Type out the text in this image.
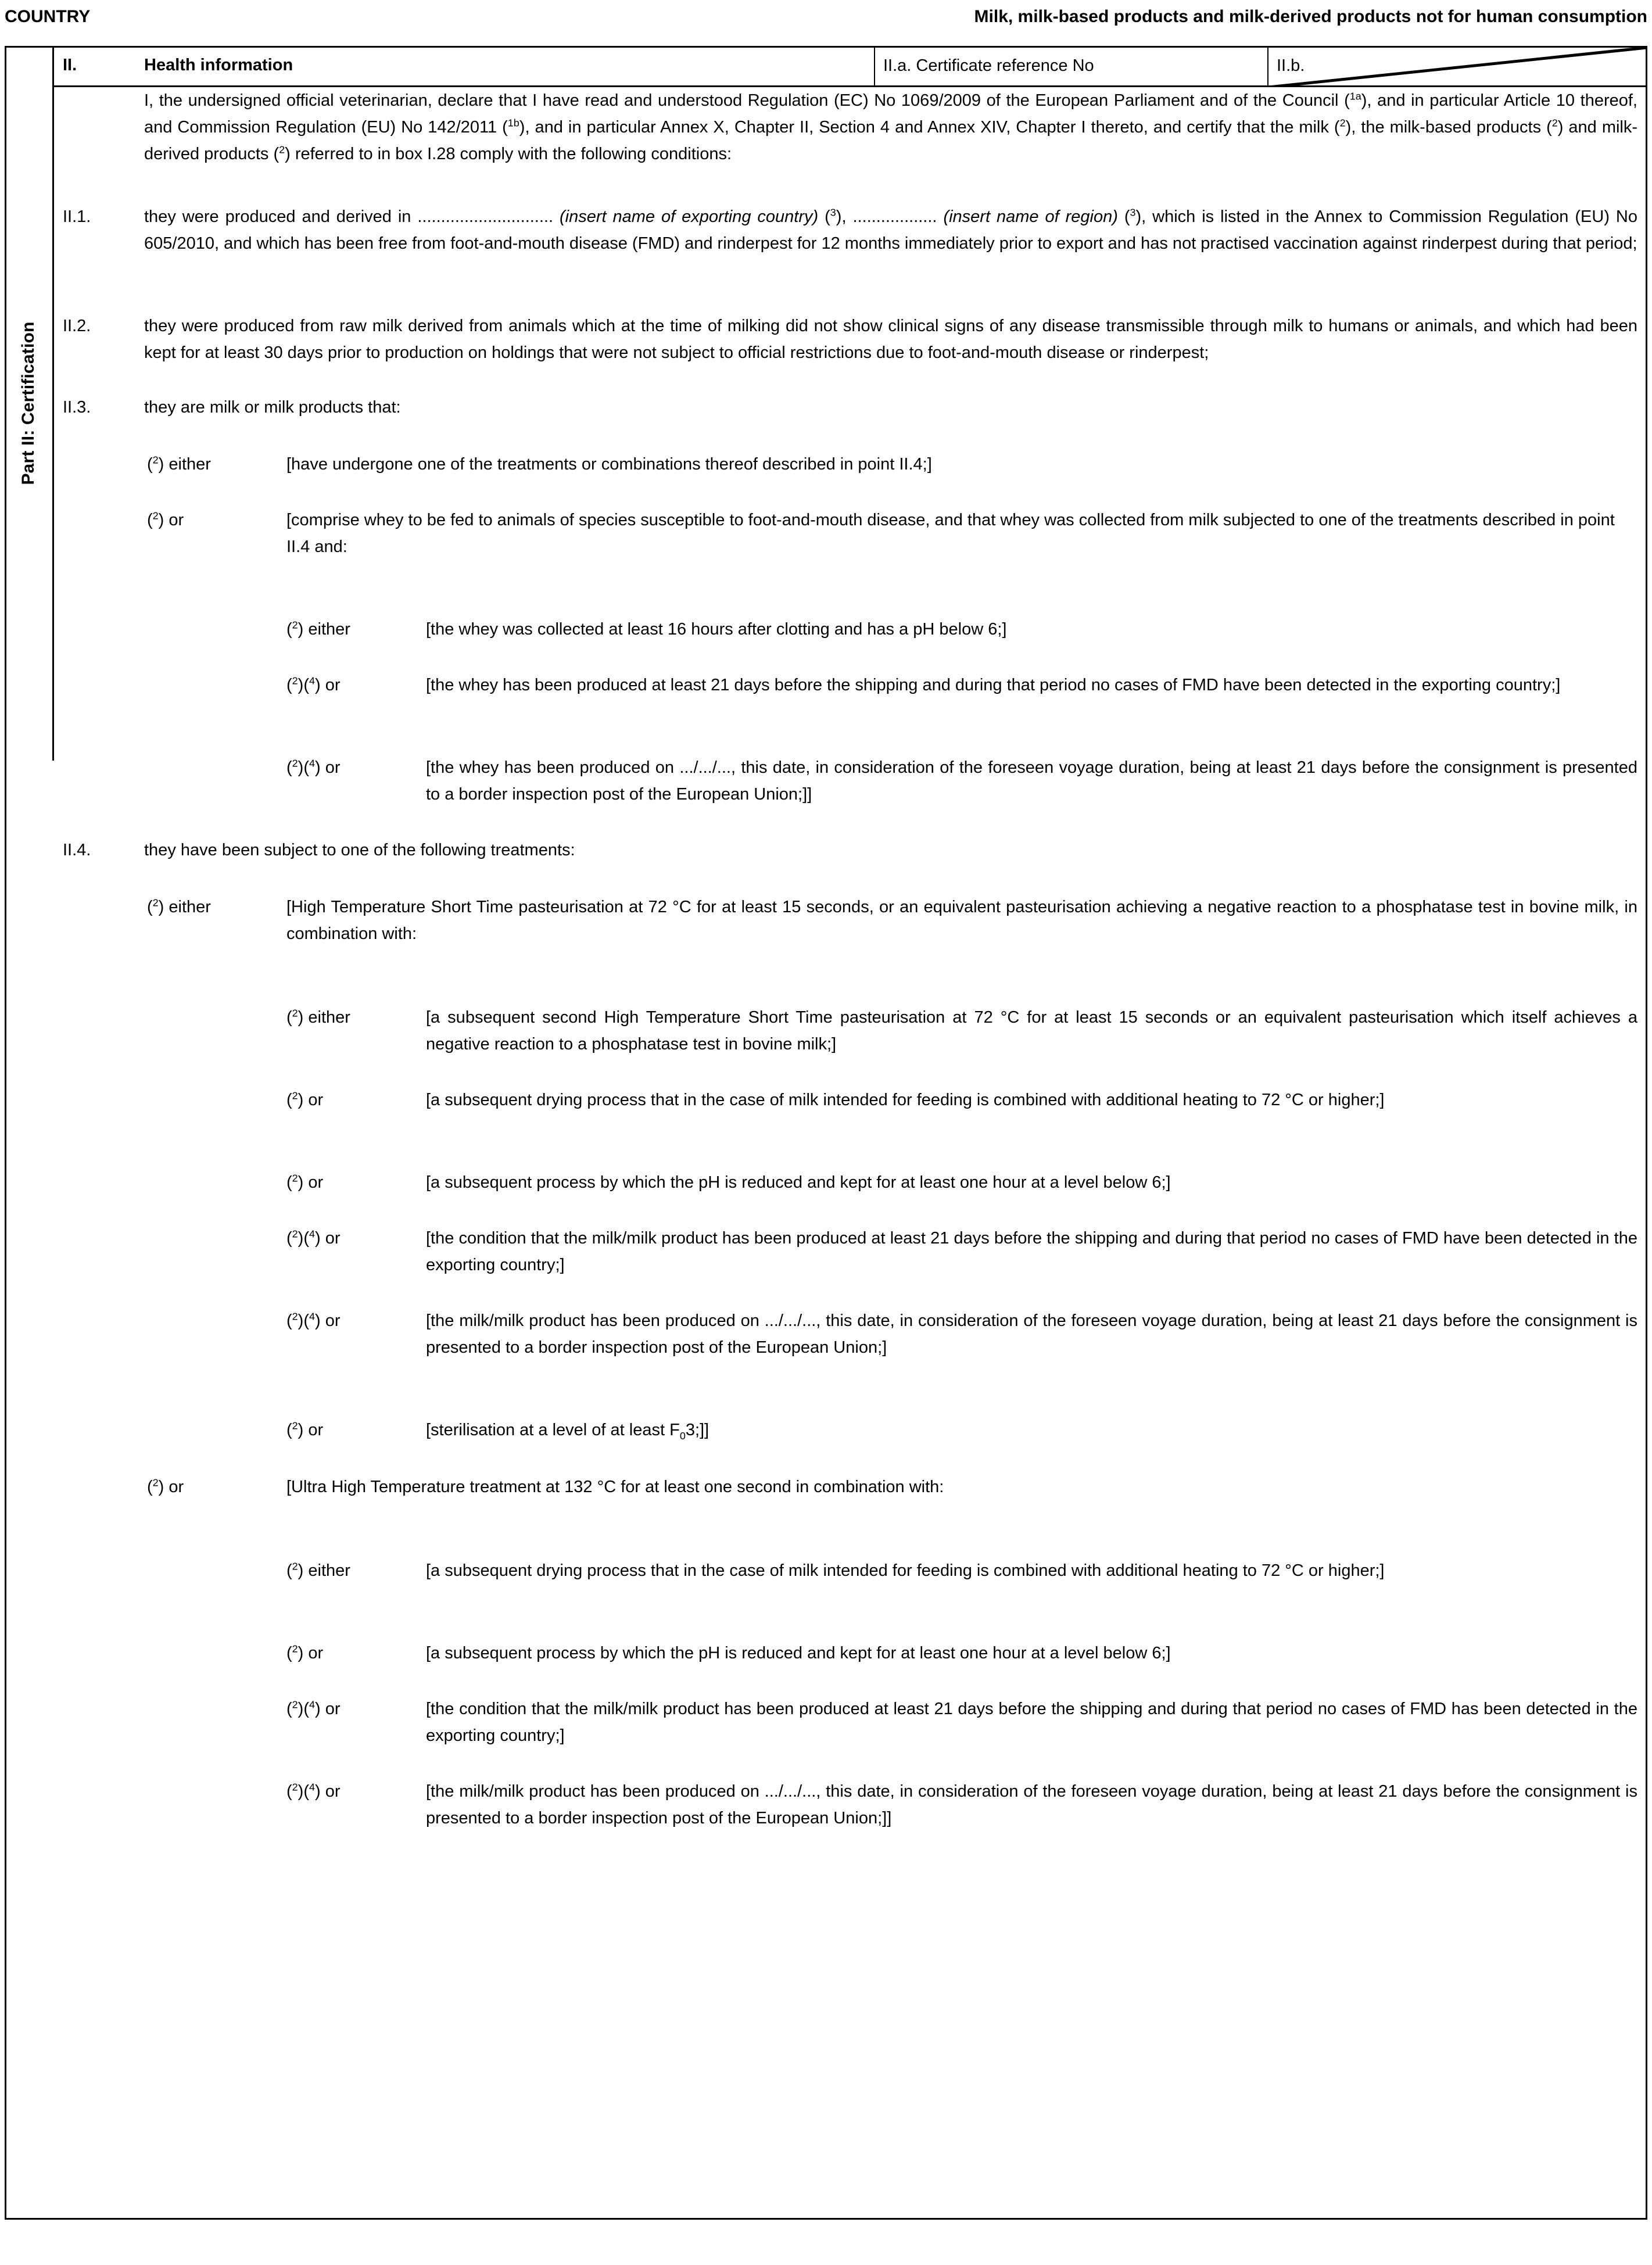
COUNTRY	Milk, milk-based products and milk-derived products not for human consumption
Part II: Certification
II.	Health information	II.a. Certificate reference No	II.b.
I, the undersigned official veterinarian, declare that I have read and understood Regulation (EC) No 1069/2009 of the European Parliament and of the Council ($^{1a}$), and in particular Article 10 thereof, and Commission Regulation (EU) No 142/2011 ($^{1b}$), and in particular Annex X, Chapter II, Section 4 and Annex XIV, Chapter I thereto, and certify that the milk ($^2$), the milk-based products ($^2$) and milk-derived products ($^2$) referred to in box I.28 comply with the following conditions:
II.1.	they were produced and derived in ............................. (insert name of exporting country) ($^3$), .................. (insert name of region) ($^3$), which is listed in the Annex to Commission Regulation (EU) No 605/2010, and which has been free from foot-and-mouth disease (FMD) and rinderpest for 12 months immediately prior to export and has not practised vaccination against rinderpest during that period;
II.2.	they were produced from raw milk derived from animals which at the time of milking did not show clinical signs of any disease transmissible through milk to humans or animals, and which had been kept for at least 30 days prior to production on holdings that were not subject to official restrictions due to foot-and-mouth disease or rinderpest;
II.3.	they are milk or milk products that:
($^2$) either	[have undergone one of the treatments or combinations thereof described in point II.4;]
($^2$) or	[comprise whey to be fed to animals of species susceptible to foot-and-mouth disease, and that whey was collected from milk subjected to one of the treatments described in point II.4 and:
($^2$) either	[the whey was collected at least 16 hours after clotting and has a pH below 6;]
($^2$)($^4$) or	[the whey has been produced at least 21 days before the shipping and during that period no cases of FMD have been detected in the exporting country;]
($^2$)($^4$) or	[the whey has been produced on .../.../..., this date, in consideration of the foreseen voyage duration, being at least 21 days before the consignment is presented to a border inspection post of the European Union;]]
II.4.	they have been subject to one of the following treatments:
($^2$) either	[High Temperature Short Time pasteurisation at 72 °C for at least 15 seconds, or an equivalent pasteurisation achieving a negative reaction to a phosphatase test in bovine milk, in combination with:
($^2$) either	[a subsequent second High Temperature Short Time pasteurisation at 72 °C for at least 15 seconds or an equivalent pasteurisation which itself achieves a negative reaction to a phosphatase test in bovine milk;]
($^2$) or	[a subsequent drying process that in the case of milk intended for feeding is combined with additional heating to 72 °C or higher;]
($^2$) or	[a subsequent process by which the pH is reduced and kept for at least one hour at a level below 6;]
($^2$)($^4$) or	[the condition that the milk/milk product has been produced at least 21 days before the shipping and during that period no cases of FMD have been detected in the exporting country;]
($^2$)($^4$) or	[the milk/milk product has been produced on .../.../..., this date, in consideration of the foreseen voyage duration, being at least 21 days before the consignment is presented to a border inspection post of the European Union;]
($^2$) or	[sterilisation at a level of at least $F_03$;]]
($^2$) or	[Ultra High Temperature treatment at 132 °C for at least one second in combination with:
($^2$) either	[a subsequent drying process that in the case of milk intended for feeding is combined with additional heating to 72 °C or higher;]
($^2$) or	[a subsequent process by which the pH is reduced and kept for at least one hour at a level below 6;]
($^2$)($^4$) or	[the condition that the milk/milk product has been produced at least 21 days before the shipping and during that period no cases of FMD has been detected in the exporting country;]
($^2$)($^4$) or	[the milk/milk product has been produced on .../.../..., this date, in consideration of the foreseen voyage duration, being at least 21 days before the consignment is presented to a border inspection post of the European Union;]]
